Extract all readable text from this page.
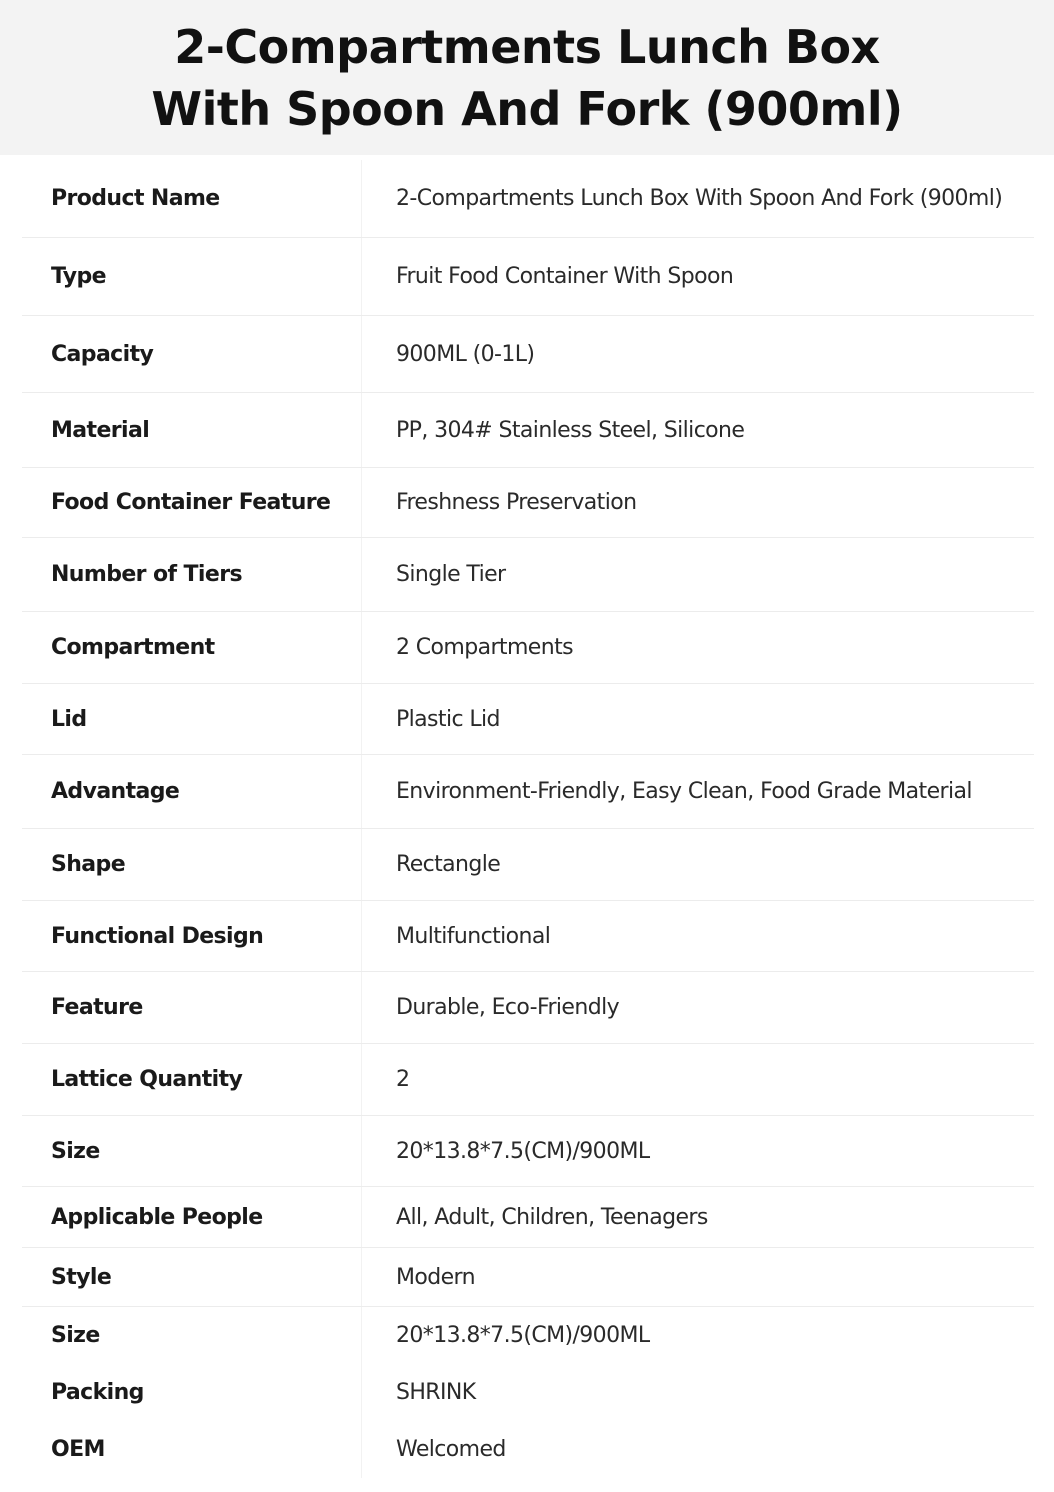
2-Compartments Lunch Box
With Spoon And Fork (900ml)
Product Name	2-Compartments Lunch Box With Spoon And Fork (900ml)
Type	Fruit Food Container With Spoon
Capacity	900ML (0-1L)
Material	PP, 304# Stainless Steel, Silicone
Food Container Feature	Freshness Preservation
Number of Tiers	Single Tier
Compartment	2 Compartments
Lid	Plastic Lid
Advantage	Environment-Friendly, Easy Clean, Food Grade Material
Shape	Rectangle
Functional Design	Multifunctional
Feature	Durable, Eco-Friendly
Lattice Quantity	2
Size	20*13.8*7.5(CM)/900ML
Applicable People	All, Adult, Children, Teenagers
Style	Modern
Size	20*13.8*7.5(CM)/900ML
Packing	SHRINK
OEM	Welcomed
